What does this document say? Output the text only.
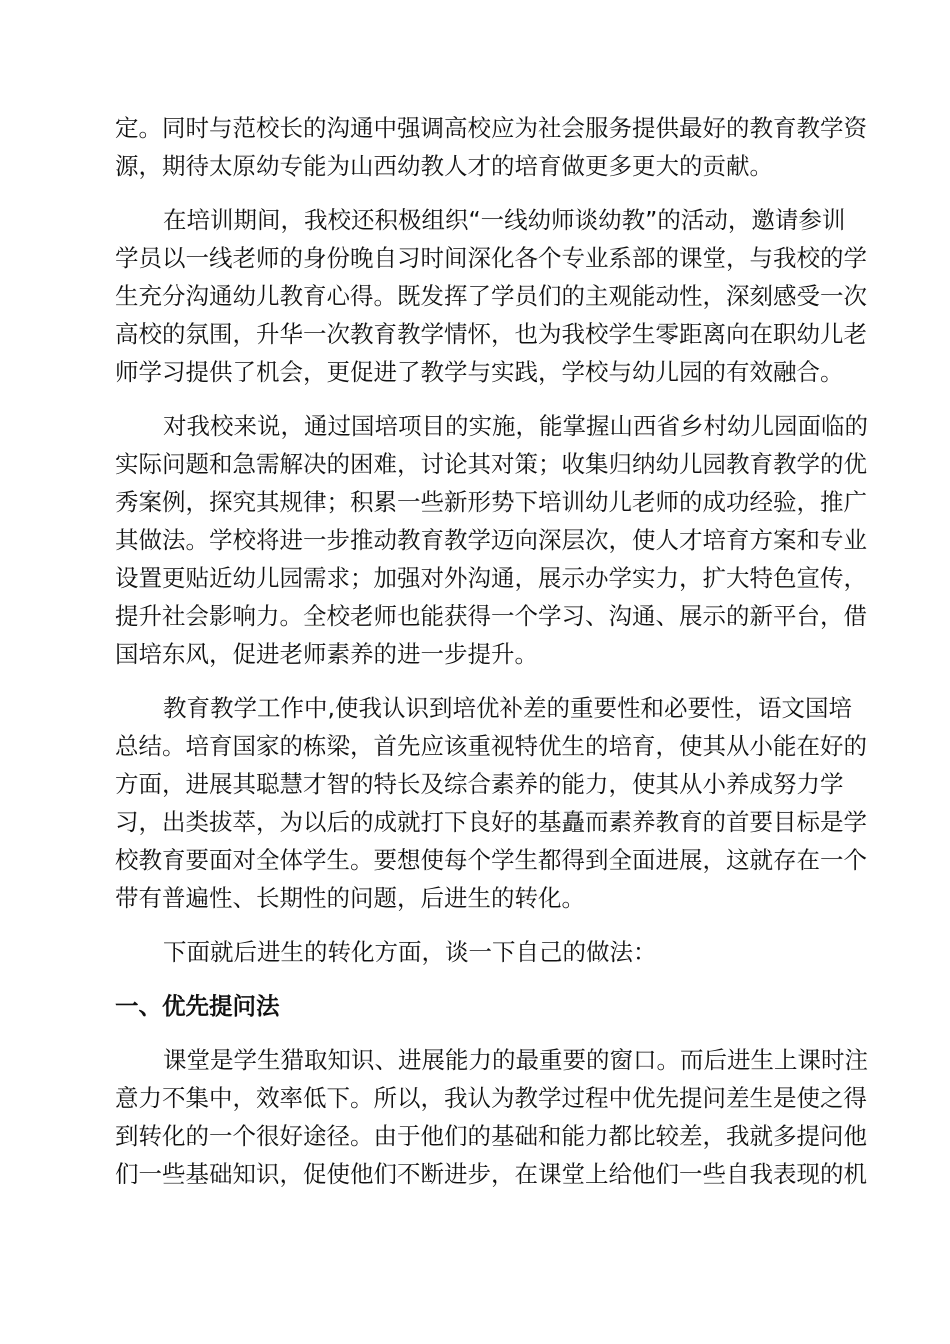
定。同时与范校长的沟通中强调高校应为社会服务提供最好的教育教学资
源，期待太原幼专能为山西幼教人才的培育做更多更大的贡献。
在培训期间，我校还积极组织“一线幼师谈幼教”的活动，邀请参训
学员以一线老师的身份晚自习时间深化各个专业系部的课堂，与我校的学
生充分沟通幼儿教育心得。既发挥了学员们的主观能动性，深刻感受一次
高校的氛围，升华一次教育教学情怀，也为我校学生零距离向在职幼儿老
师学习提供了机会，更促进了教学与实践，学校与幼儿园的有效融合。
对我校来说，通过国培项目的实施，能掌握山西省乡村幼儿园面临的
实际问题和急需解决的困难，讨论其对策；收集归纳幼儿园教育教学的优
秀案例，探究其规律；积累一些新形势下培训幼儿老师的成功经验，推广
其做法。学校将进一步推动教育教学迈向深层次，使人才培育方案和专业
设置更贴近幼儿园需求；加强对外沟通，展示办学实力，扩大特色宣传，
提升社会影响力。全校老师也能获得一个学习、沟通、展示的新平台，借
国培东风，促进老师素养的进一步提升。
教育教学工作中,使我认识到培优补差的重要性和必要性，语文国培
总结。培育国家的栋梁，首先应该重视特优生的培育，使其从小能在好的
方面，进展其聪慧才智的特长及综合素养的能力，使其从小养成努力学
习，出类拔萃，为以后的成就打下良好的基矗而素养教育的首要目标是学
校教育要面对全体学生。要想使每个学生都得到全面进展，这就存在一个
带有普遍性、长期性的问题，后进生的转化。
下面就后进生的转化方面，谈一下自己的做法：
一、优先提问法
课堂是学生猎取知识、进展能力的最重要的窗口。而后进生上课时注
意力不集中，效率低下。所以，我认为教学过程中优先提问差生是使之得
到转化的一个很好途径。由于他们的基础和能力都比较差，我就多提问他
们一些基础知识，促使他们不断进步，在课堂上给他们一些自我表现的机
